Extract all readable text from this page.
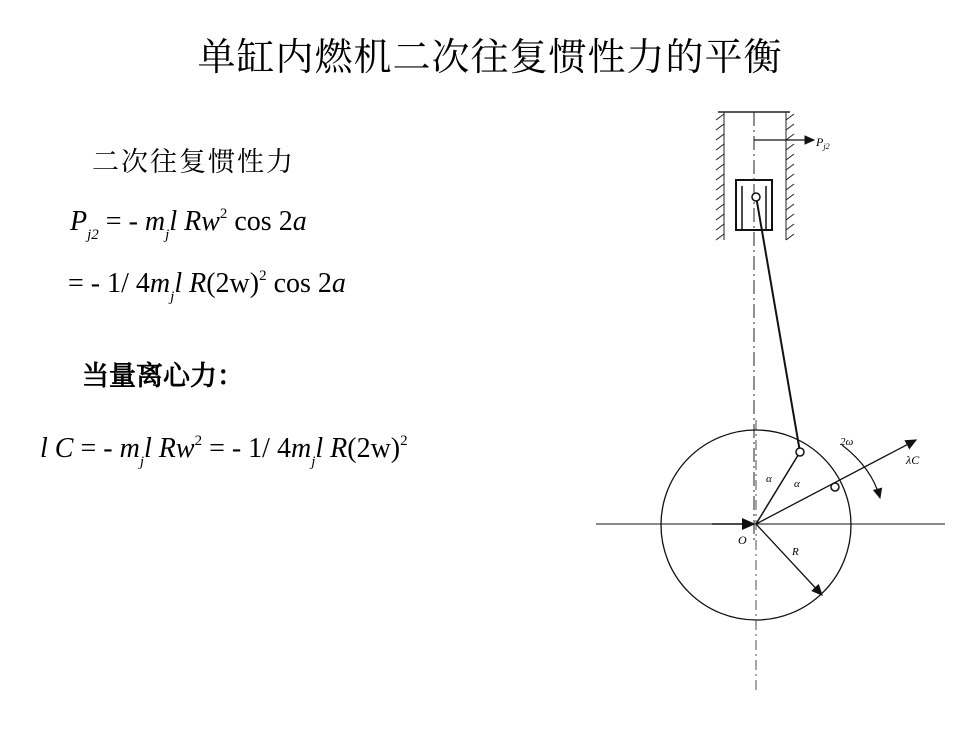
单缸内燃机二次往复惯性力的平衡
二次往复惯性力
$P_{j2}$ = - $m_jl$ Rw$^2$ cos 2a
= - 1/ $4m_jl$ $R(2w)^2$ cos 2a
当量离心力：
l C = - $m_jl$ $Rw^2$ = - 1/ $4m_jl$ $R(2w)^2$
$P_{j2}$
α α
O
R
2ω
λC
